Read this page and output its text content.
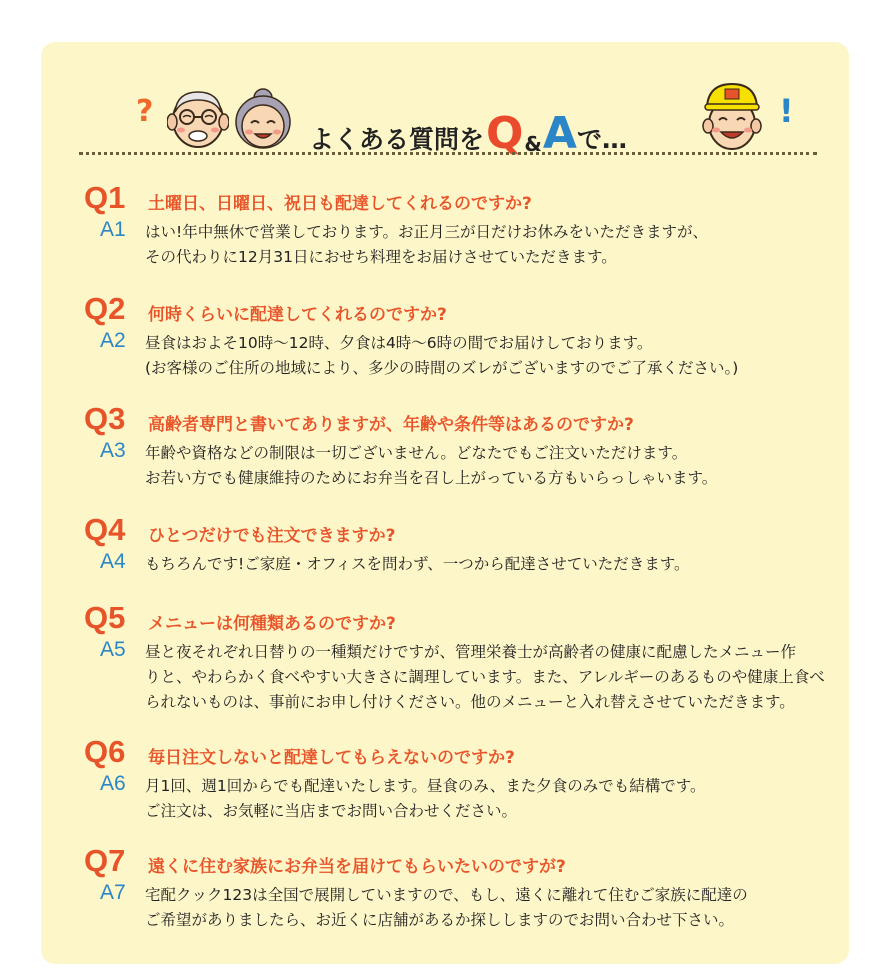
?
よくある質問を Q & A で…
!
Q1 土曜日、日曜日、祝日も配達してくれるのですか?
A1 はい!年中無休で営業しております。お正月三が日だけお休みをいただきますが、
その代わりに12月31日におせち料理をお届けさせていただきます。
Q2 何時くらいに配達してくれるのですか?
A2 昼食はおよそ10時〜12時、夕食は4時〜6時の間でお届けしております。
(お客様のご住所の地域により、多少の時間のズレがございますのでご了承ください。)
Q3 高齢者専門と書いてありますが、年齢や条件等はあるのですか?
A3 年齢や資格などの制限は一切ございません。どなたでもご注文いただけます。
お若い方でも健康維持のためにお弁当を召し上がっている方もいらっしゃいます。
Q4 ひとつだけでも注文できますか?
A4 もちろんです!ご家庭・オフィスを問わず、一つから配達させていただきます。
Q5 メニューは何種類あるのですか?
A5 昼と夜それぞれ日替りの一種類だけですが、管理栄養士が高齢者の健康に配慮したメニュー作
りと、やわらかく食べやすい大きさに調理しています。また、アレルギーのあるものや健康上食べ
られないものは、事前にお申し付けください。他のメニューと入れ替えさせていただきます。
Q6 毎日注文しないと配達してもらえないのですか?
A6 月1回、週1回からでも配達いたします。昼食のみ、また夕食のみでも結構です。
ご注文は、お気軽に当店までお問い合わせください。
Q7 遠くに住む家族にお弁当を届けてもらいたいのですが?
A7 宅配クック123は全国で展開していますので、もし、遠くに離れて住むご家族に配達の
ご希望がありましたら、お近くに店舗があるか探ししますのでお問い合わせ下さい。
